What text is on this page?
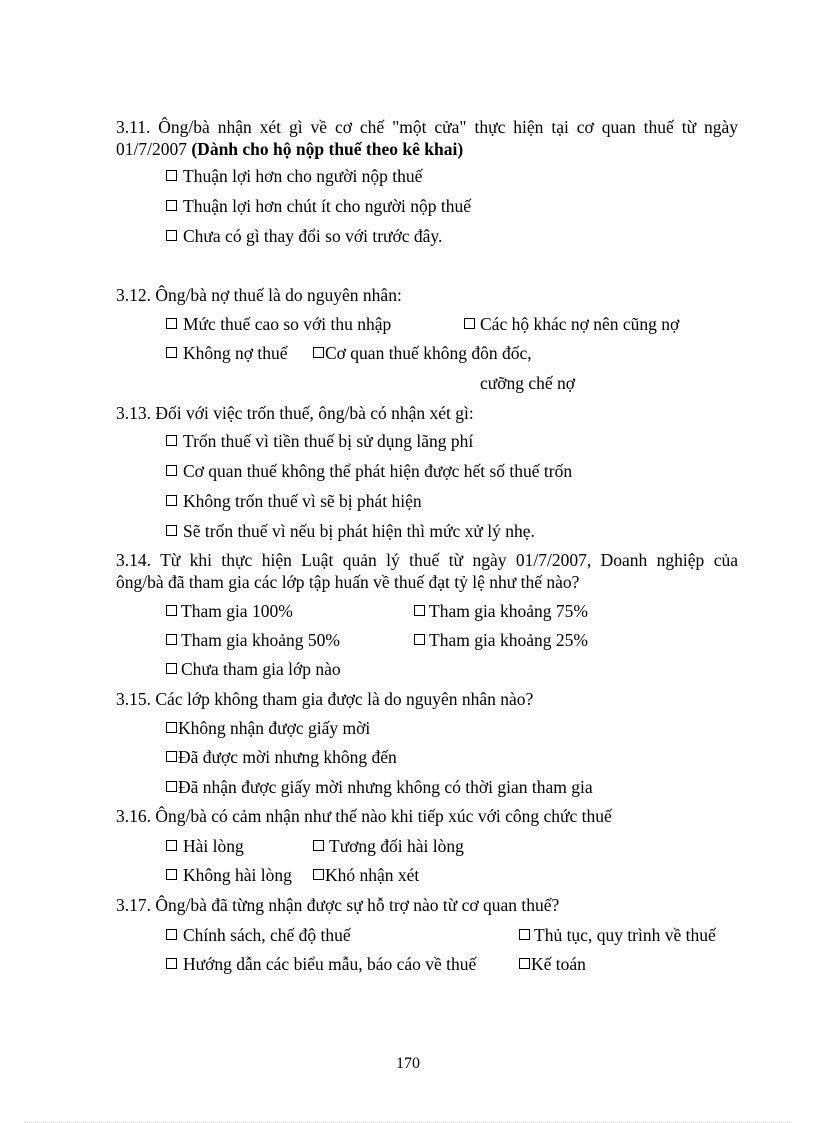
3.11. Ông/bà nhận xét gì về cơ chế "một cửa" thực hiện tại cơ quan thuế từ ngày
01/7/2007 (Dành cho hộ nộp thuế theo kê khai)
Thuận lợi hơn cho người nộp thuế
Thuận lợi hơn chút ít cho người nộp thuế
Chưa có gì thay đổi so với trước đây.
3.12. Ông/bà nợ thuế là do nguyên nhân:
Mức thuế cao so với thu nhập	Các hộ khác nợ nên cũng nợ
Không nợ thuế Cơ quan thuế không đôn đốc,
cưỡng chế nợ
3.13. Đối với việc trốn thuế, ông/bà có nhận xét gì:
Trốn thuế vì tiền thuế bị sử dụng lãng phí
Cơ quan thuế không thể phát hiện được hết số thuế trốn
Không trốn thuế vì sẽ bị phát hiện
Sẽ trốn thuế vì nếu bị phát hiện thì mức xử lý nhẹ.
3.14. Từ khi thực hiện Luật quản lý thuế từ ngày 01/7/2007, Doanh nghiệp của
ông/bà đã tham gia các lớp tập huấn về thuế đạt tỷ lệ như thế nào?
Tham gia 100%	Tham gia khoảng 75%
Tham gia khoảng 50%	Tham gia khoảng 25%
Chưa tham gia lớp nào
3.15. Các lớp không tham gia được là do nguyên nhân nào?
Không nhận được giấy mời
Đã được mời nhưng không đến
Đã nhận được giấy mời nhưng không có thời gian tham gia
3.16. Ông/bà có cảm nhận như thế nào khi tiếp xúc với công chức thuế
Hài lòng	Tương đối hài lòng
Không hài lòng Khó nhận xét
3.17. Ông/bà đã từng nhận được sự hỗ trợ nào từ cơ quan thuế?
Chính sách, chế độ thuế	Thủ tục, quy trình về thuế
Hướng dẫn các biểu mẫu, báo cáo về thuế	Kế toán
170
